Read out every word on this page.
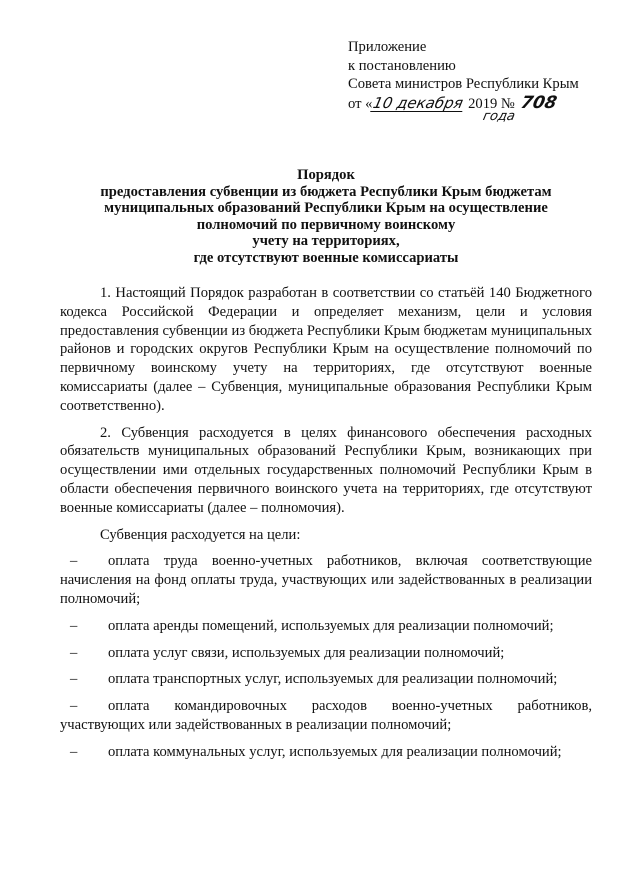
Приложение
к постановлению
Совета министров Республики Крым
от «10 декабря 2019 № 708
года
Порядок
предоставления субвенции из бюджета Республики Крым бюджетам
муниципальных образований Республики Крым на осуществление
полномочий по первичному воинскому
учету на территориях,
где отсутствуют военные комиссариаты

1. Настоящий Порядок разработан в соответствии со статьёй 140 Бюджетного кодекса Российской Федерации и определяет механизм, цели и условия предоставления субвенции из бюджета Республики Крым бюджетам муниципальных районов и городских округов Республики Крым на осуществление полномочий по первичному воинскому учету на территориях, где отсутствуют военные комиссариаты (далее – Субвенция, муниципальные образования Республики Крым соответственно).

2. Субвенция расходуется в целях финансового обеспечения расходных обязательств муниципальных образований Республики Крым, возникающих при осуществлении ими отдельных государственных полномочий Республики Крым в области обеспечения первичного воинского учета на территориях, где отсутствуют военные комиссариаты (далее – полномочия).

Субвенция расходуется на цели:

– оплата труда военно-учетных работников, включая соответствующие начисления на фонд оплаты труда, участвующих или задействованных в реализации полномочий;

– оплата аренды помещений, используемых для реализации полномочий;

– оплата услуг связи, используемых для реализации полномочий;

– оплата транспортных услуг, используемых для реализации полномочий;

– оплата командировочных расходов военно-учетных работников, участвующих или задействованных в реализации полномочий;

– оплата коммунальных услуг, используемых для реализации полномочий;
